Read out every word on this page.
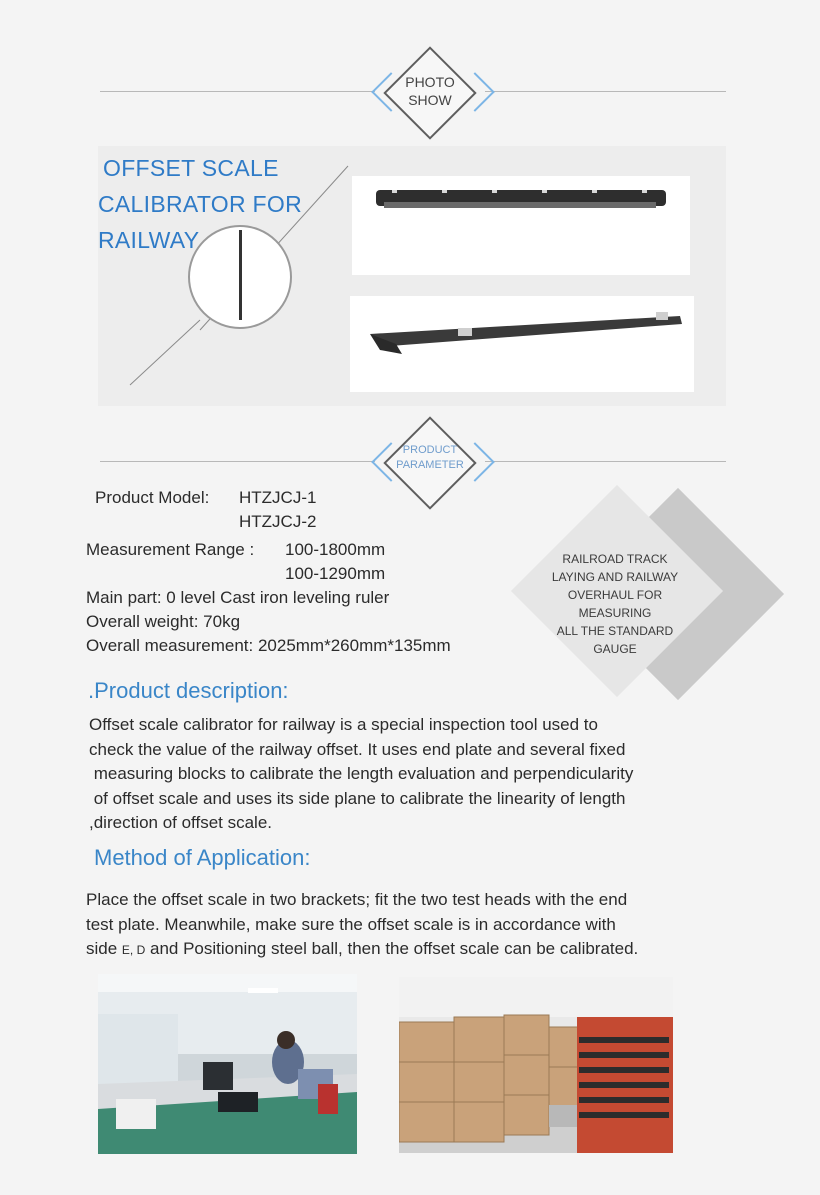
PHOTO
SHOW
OFFSET SCALE
CALIBRATOR FOR
RAILWAY
PRODUCT
PARAMETER
Product Model: HTZJCJ-1
HTZJCJ-2
Measurement Range : 100-1800mm
100-1290mm
Main part: 0 level Cast iron leveling ruler
Overall weight: 70kg
Overall measurement: 2025mm*260mm*135mm
RAILROAD TRACK
LAYING AND RAILWAY
OVERHAUL FOR MEASURING
ALL THE STANDARD
GAUGE
.Product description:
Offset scale calibrator for railway is a special inspection tool used to
check the value of the railway offset. It uses end plate and several fixed
measuring blocks to calibrate the length evaluation and perpendicularity
of offset scale and uses its side plane to calibrate the linearity of length
,direction of offset scale.
Method of Application:
Place the offset scale in two brackets; fit the two test heads with the end
test plate. Meanwhile, make sure the offset scale is in accordance with
side E, D and Positioning steel ball, then the offset scale can be calibrated.
